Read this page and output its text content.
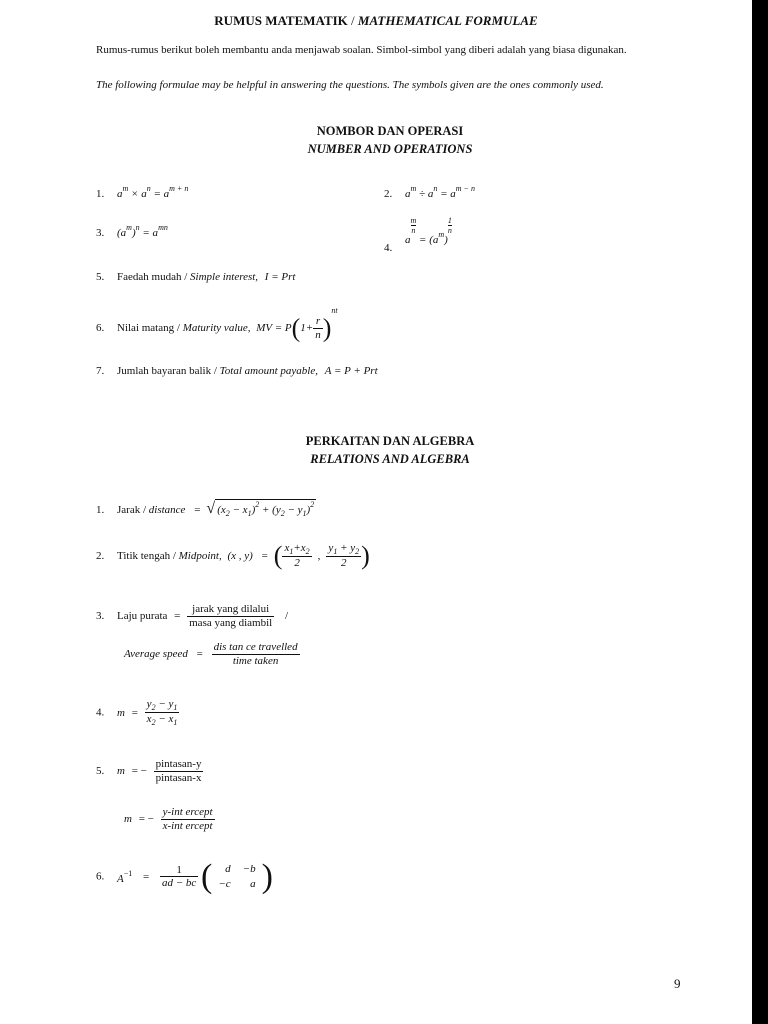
RUMUS MATEMATIK / MATHEMATICAL FORMULAE
Rumus-rumus berikut boleh membantu anda menjawab soalan. Simbol-simbol yang diberi adalah yang biasa digunakan.
The following formulae may be helpful in answering the questions. The symbols given are the ones commonly used.
NOMBOR DAN OPERASI
NUMBER AND OPERATIONS
1. $a^m \times a^n = a^{m + n}$	2. $a^m \div a^n = a^{m - n}$
3. $(a^m)^n = a^{mn}$
4. a
$\frac{m}{n}$
= $(a^m)$
$\frac{1}{n}$
5. Faedah mudah / Simple interest, I = Prt
6. Nilai matang / Maturity value, MV = $P(1+ \frac{r}{n} )^{nt}$
7. Jumlah bayaran balik / Total amount payable, A = P + Prt
PERKAITAN DAN ALGEBRA
RELATIONS AND ALGEBRA
1. Jarak / distance = √ $(x_2 - x_1)^2 + (y_2 - y_1)^2$
2. Titik tengah / Midpoint, (x , y) = ( $\frac{x_1+x_2}{2}$ , $\frac{y_1 + y_2}{2}$ )
3. Laju purata = $\frac{\text{jarak yang dilalui}}{\text{masa yang diambil}}$ /
Average speed = $\frac{\text{dis tan ce travelled}}{\text{time taken}}$
4. $m = \frac{y_2 - y_1}{x_2 - x_1}$
5. m = − $\frac{\text{pintasan-y}}{\text{pintasan-x}}$
m = − $\frac{\text{y-int ercept}}{\text{x-int ercept}}$
6. $A^{-1} = \frac{1}{ad - bc}$ ( d	−b
−c	a )
9
